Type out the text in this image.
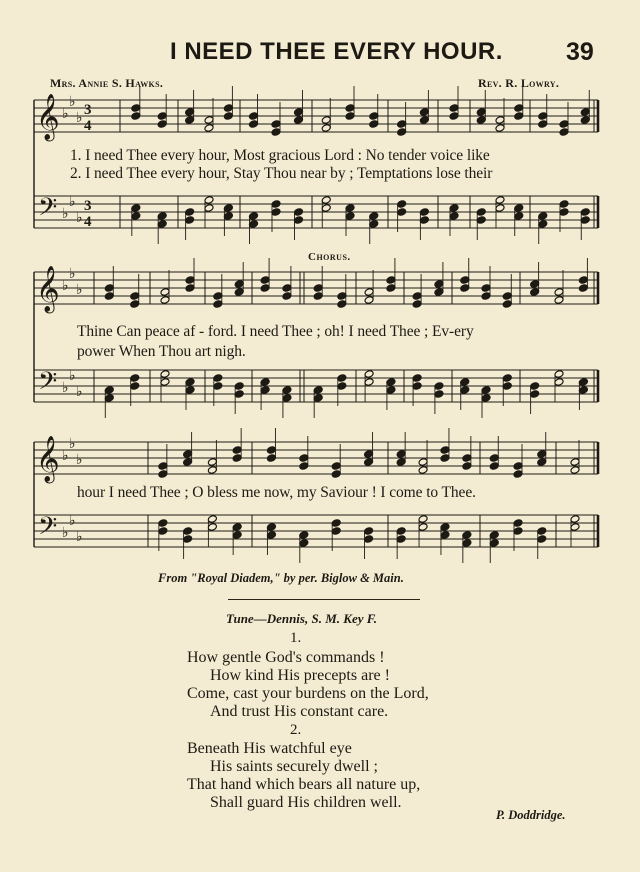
I NEED THEE EVERY HOUR.	39
Mrs. Annie S. Hawks.	Rev. R. Lowry.
𝄞
𝄢
♭
♭
♭
♭
♭
♭
3
3
4
4
𝄞
𝄢
♭
♭
♭
♭
♭
♭
𝄞
𝄢
♭
♭
♭
♭
♭
♭
1. I need Thee every hour, Most gracious Lord : No tender voice like
2. I need Thee every hour, Stay Thou near by ; Temptations lose their
Chorus.
Thine Can peace af - ford. I need Thee ; oh! I need Thee ; Ev-ery
power When Thou art nigh.
hour I need Thee ; O bless me now, my Saviour ! I come to Thee.
From "Royal Diadem," by per. Biglow & Main.
Tune—Dennis, S. M. Key F.
1.
How gentle God's commands !
How kind His precepts are !
Come, cast your burdens on the Lord,
And trust His constant care.
2.
Beneath His watchful eye
His saints securely dwell ;
That hand which bears all nature up,
Shall guard His children well.
P. Doddridge.
